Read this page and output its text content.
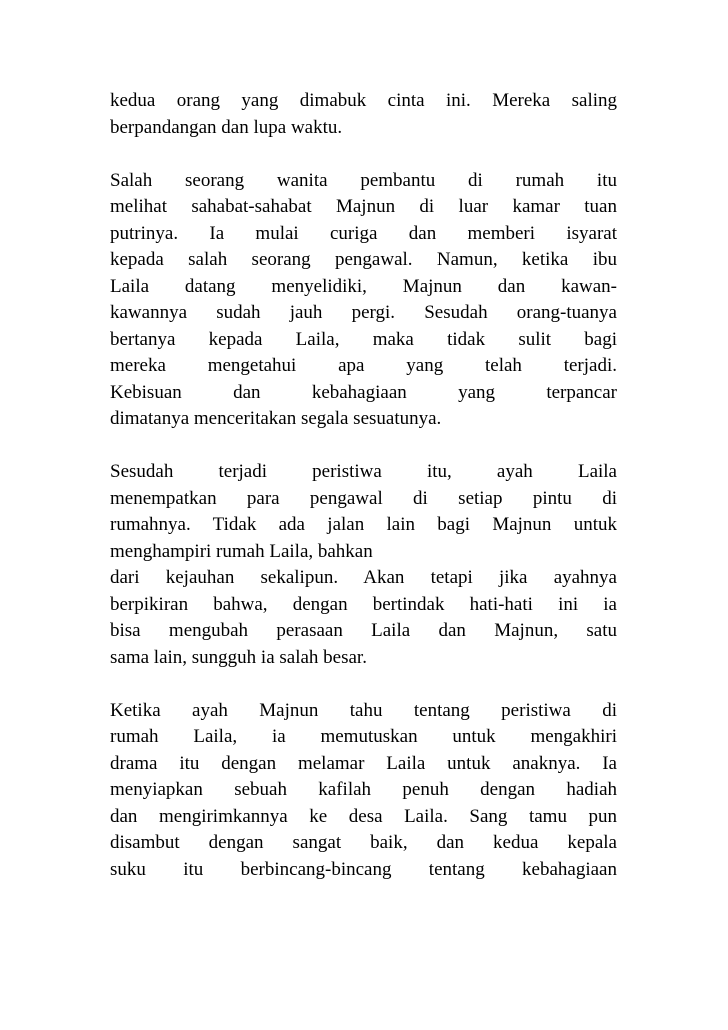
kedua orang yang dimabuk cinta ini. Mereka saling
berpandangan dan lupa waktu.
Salah seorang wanita pembantu di rumah itu
melihat sahabat-sahabat Majnun di luar kamar tuan
putrinya. Ia mulai curiga dan memberi isyarat
kepada salah seorang pengawal. Namun, ketika ibu
Laila datang menyelidiki, Majnun dan kawan-
kawannya sudah jauh pergi. Sesudah orang-tuanya
bertanya kepada Laila, maka tidak sulit bagi
mereka mengetahui apa yang telah terjadi.
Kebisuan dan kebahagiaan yang terpancar
dimatanya menceritakan segala sesuatunya.
Sesudah terjadi peristiwa itu, ayah Laila
menempatkan para pengawal di setiap pintu di
rumahnya. Tidak ada jalan lain bagi Majnun untuk
menghampiri rumah Laila, bahkan
dari kejauhan sekalipun. Akan tetapi jika ayahnya
berpikiran bahwa, dengan bertindak hati-hati ini ia
bisa mengubah perasaan Laila dan Majnun, satu
sama lain, sungguh ia salah besar.
Ketika ayah Majnun tahu tentang peristiwa di
rumah Laila, ia memutuskan untuk mengakhiri
drama itu dengan melamar Laila untuk anaknya. Ia
menyiapkan sebuah kafilah penuh dengan hadiah
dan mengirimkannya ke desa Laila. Sang tamu pun
disambut dengan sangat baik, dan kedua kepala
suku itu berbincang-bincang tentang kebahagiaan
